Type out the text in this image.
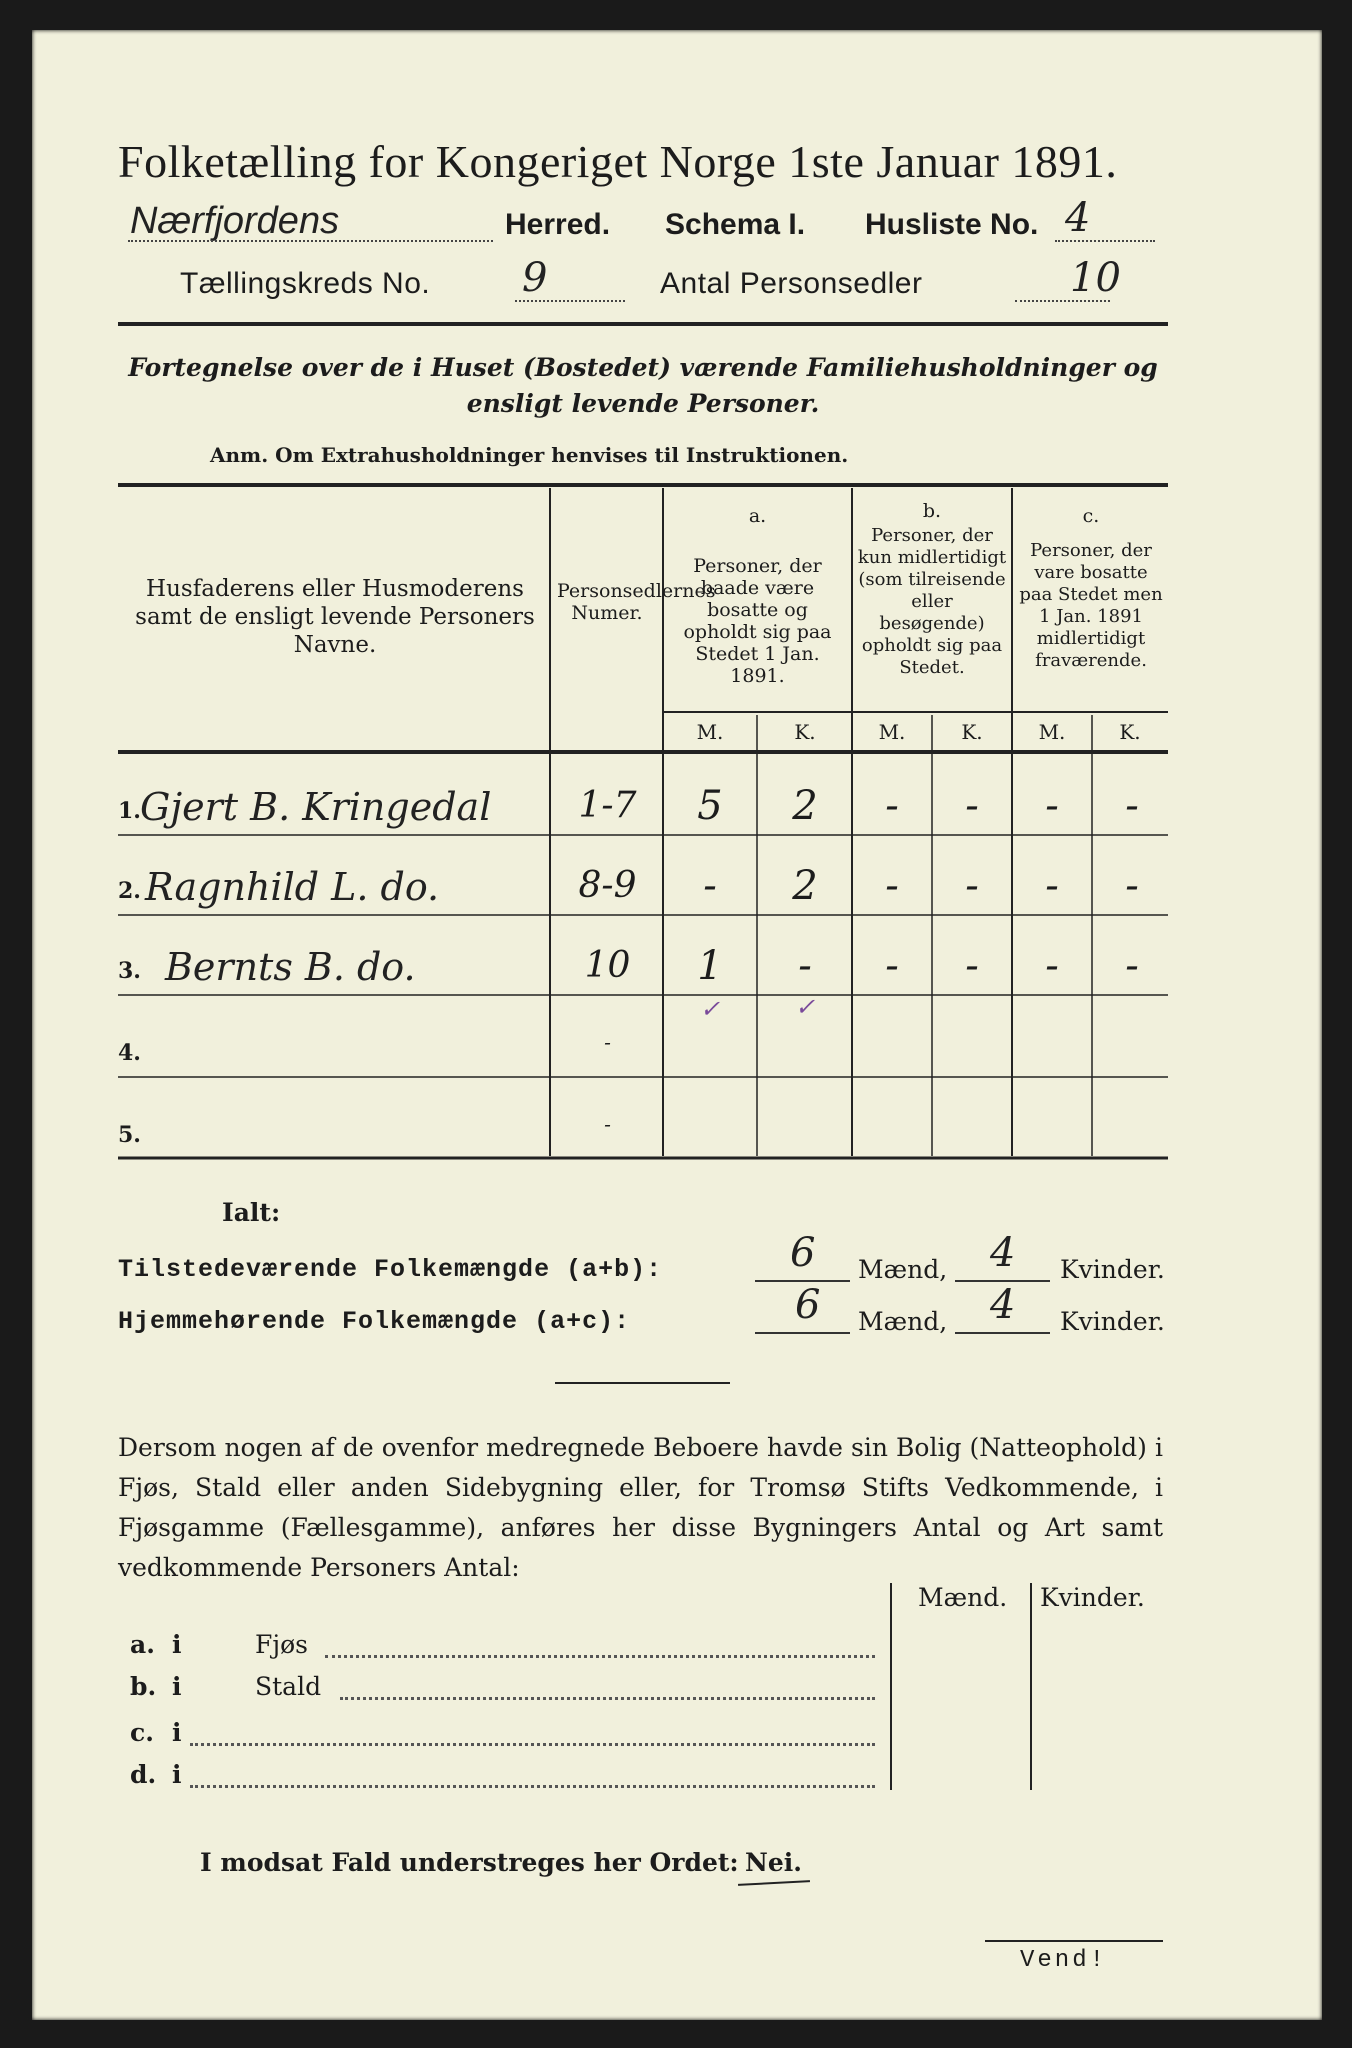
Folketælling for Kongeriget Norge 1ste Januar 1891.
Nærfjordens	Herred. Schema I. Husliste No. 4
Tællingskreds No. 9	Antal Personsedler	10
Fortegnelse over de i Huset (Bostedet) værende Familiehusholdninger og ensligt levende Personer.
Anm. Om Extrahusholdninger henvises til Instruktionen.
Husfaderens eller Husmoderens samt de ensligt levende Personers Navne.
Personsedlernes Numer.
a.
Personer, der baade være bosatte og opholdt sig paa Stedet 1 Jan. 1891.
b.
Personer, der kun midlertidigt (som tilreisende eller besøgende) opholdt sig paa Stedet.
c.
Personer, der vare bosatte paa Stedet men 1 Jan. 1891 midlertidigt fraværende.
M.	K.	M.	K.	M.	K.
1. Gjert B. Kringedal	1-7	5	2	-	-	-	-
2. Ragnhild L. do.	8-9	-	2	-	-	-	-
3. Bernts B. do.	10	1	-	-	-	-	-
✓	✓
4.	-
5.	-
Ialt:
Tilstedeværende Folkemængde (a+b):	6 Mænd, 4 Kvinder.
Hjemmehørende Folkemængde (a+c):	6 Mænd, 4 Kvinder.
Dersom nogen af de ovenfor medregnede Beboere havde sin Bolig (Natteophold) i Fjøs, Stald eller anden Sidebygning eller, for Tromsø Stifts Vedkommende, i Fjøsgamme (Fællesgamme), anføres her disse Bygningers Antal og Art samt vedkommende Personers Antal:
Mænd. Kvinder.
a. i	Fjøs
b. i	Stald
c. i
d. i
I modsat Fald understreges her Ordet: Nei.
Vend!
